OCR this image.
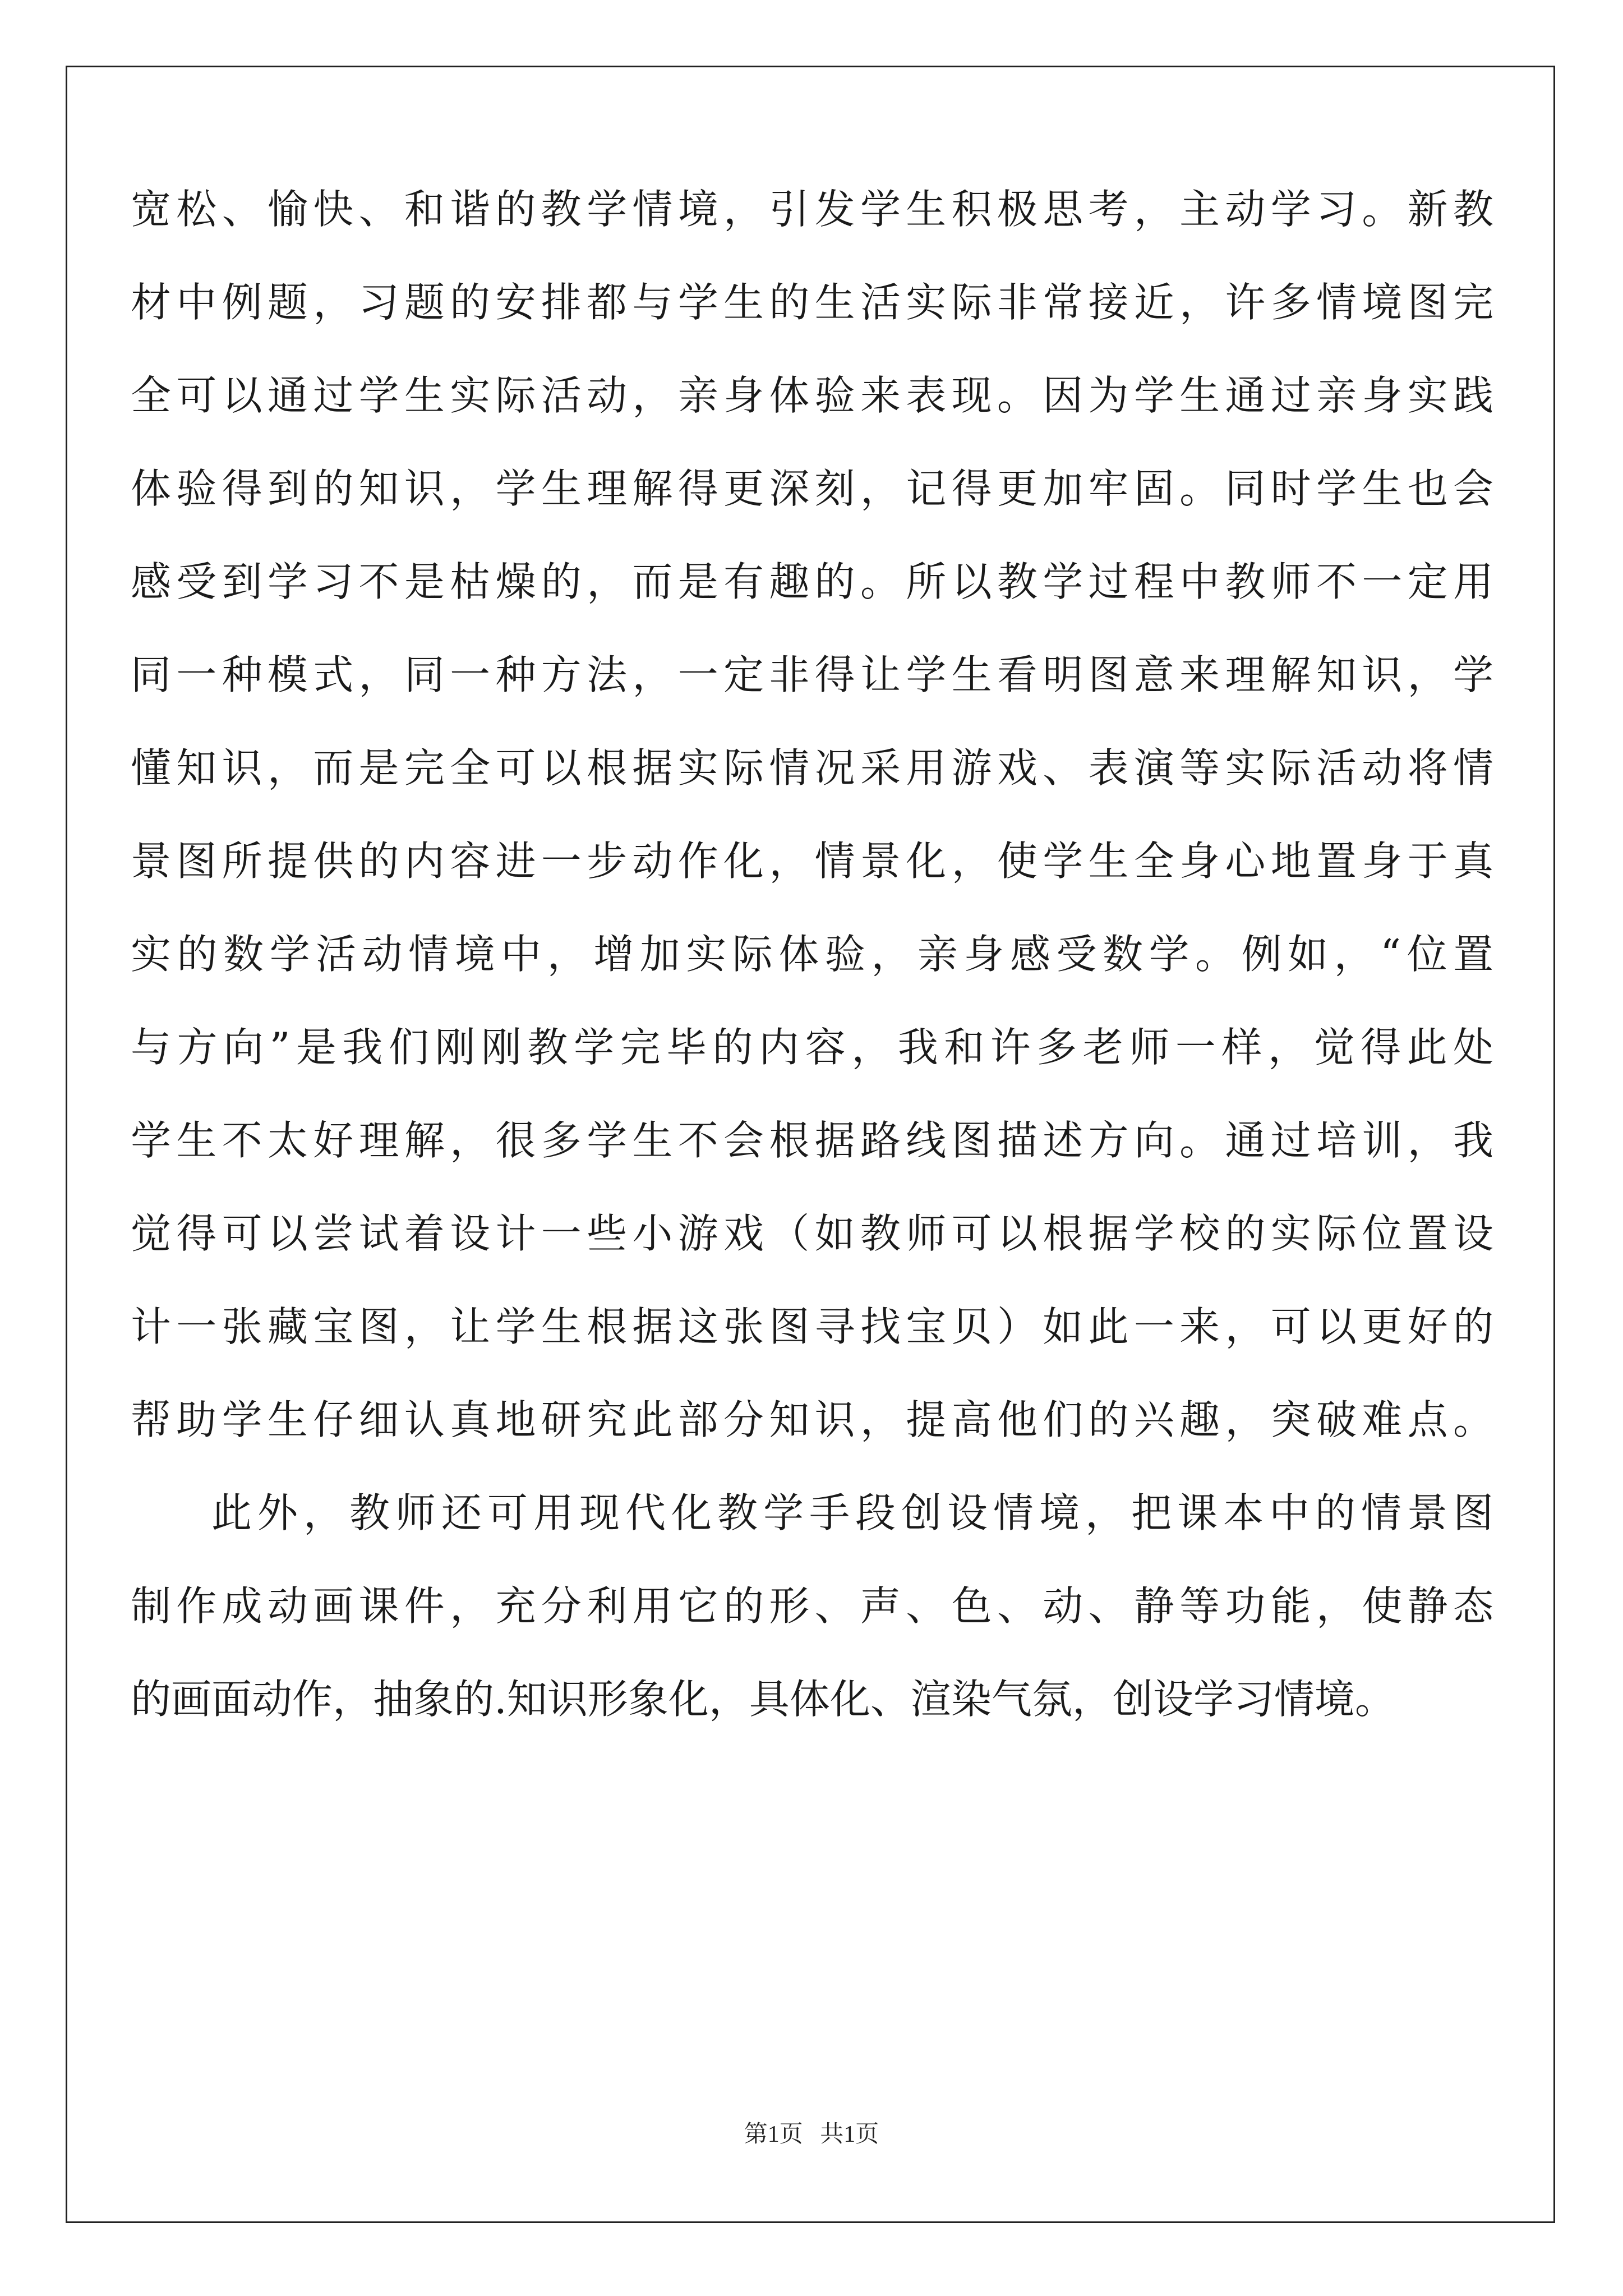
宽松、愉快、和谐的教学情境，引发学生积极思考，主动学习。新教
材中例题，习题的安排都与学生的生活实际非常接近，许多情境图完
全可以通过学生实际活动，亲身体验来表现。因为学生通过亲身实践
体验得到的知识，学生理解得更深刻，记得更加牢固。同时学生也会
感受到学习不是枯燥的，而是有趣的。所以教学过程中教师不一定用
同一种模式，同一种方法，一定非得让学生看明图意来理解知识，学
懂知识，而是完全可以根据实际情况采用游戏、表演等实际活动将情
景图所提供的内容进一步动作化，情景化，使学生全身心地置身于真
实的数学活动情境中，增加实际体验，亲身感受数学。例如，“位置
与方向”是我们刚刚教学完毕的内容，我和许多老师一样，觉得此处
学生不太好理解，很多学生不会根据路线图描述方向。通过培训，我
觉得可以尝试着设计一些小游戏（如教师可以根据学校的实际位置设
计一张藏宝图，让学生根据这张图寻找宝贝）如此一来，可以更好的
帮助学生仔细认真地研究此部分知识，提高他们的兴趣，突破难点。
此外，教师还可用现代化教学手段创设情境，把课本中的情景图
制作成动画课件，充分利用它的形、声、色、动、静等功能，使静态
的画面动作，抽象的.知识形象化，具体化、渲染气氛，创设学习情境。
第1页 共1页
